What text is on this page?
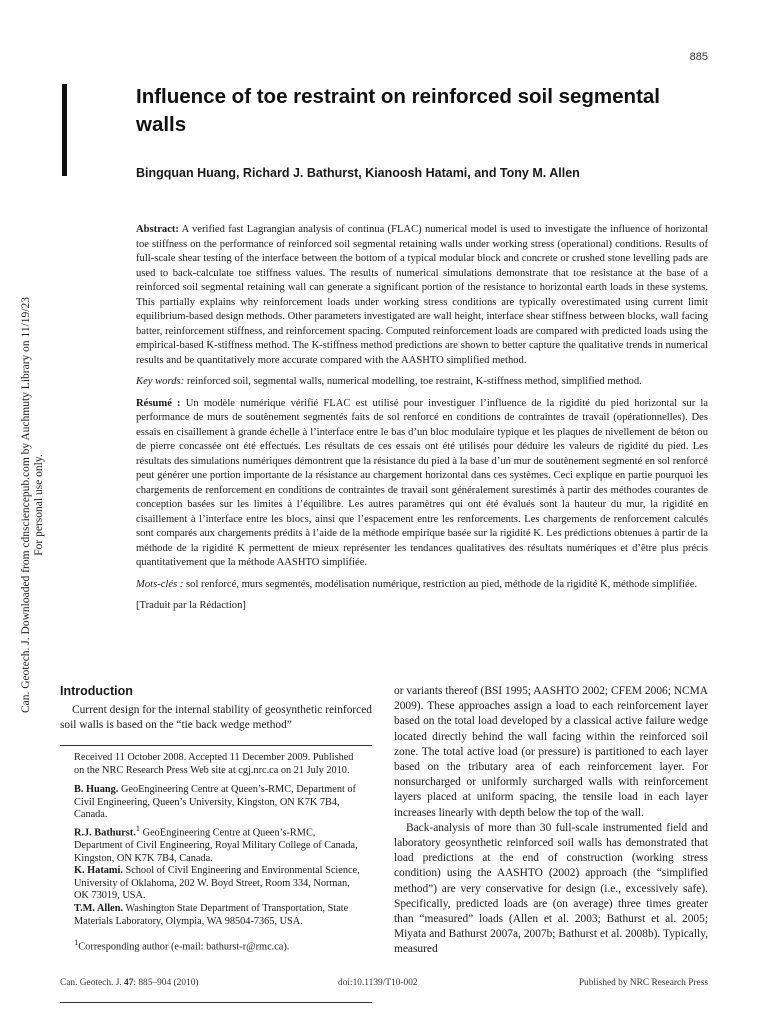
885
Can. Geotech. J. Downloaded from cdnsciencepub.com by Auchmuty Library on 11/19/23 For personal use only.
Influence of toe restraint on reinforced soil segmental walls
Bingquan Huang, Richard J. Bathurst, Kianoosh Hatami, and Tony M. Allen

Abstract: A verified fast Lagrangian analysis of continua (FLAC) numerical model is used to investigate the influence of horizontal toe stiffness on the performance of reinforced soil segmental retaining walls under working stress (operational) conditions. Results of full-scale shear testing of the interface between the bottom of a typical modular block and concrete or crushed stone levelling pads are used to back-calculate toe stiffness values. The results of numerical simulations demonstrate that toe resistance at the base of a reinforced soil segmental retaining wall can generate a significant portion of the resistance to horizontal earth loads in these systems. This partially explains why reinforcement loads under working stress conditions are typically overestimated using current limit equilibrium-based design methods. Other parameters investigated are wall height, interface shear stiffness between blocks, wall facing batter, reinforcement stiffness, and reinforcement spacing. Computed reinforcement loads are compared with predicted loads using the empirical-based K-stiffness method. The K-stiffness method predictions are shown to better capture the qualitative trends in numerical results and be quantitatively more accurate compared with the AASHTO simplified method.

Key words: reinforced soil, segmental walls, numerical modelling, toe restraint, K-stiffness method, simplified method.

Résumé : Un modèle numérique vérifié FLAC est utilisé pour investiguer l’influence de la rigidité du pied horizontal sur la performance de murs de soutènement segmentés faits de sol renforcé en conditions de contraintes de travail (opérationnelles). Des essais en cisaillement à grande échelle à l’interface entre le bas d’un bloc modulaire typique et les plaques de nivellement de béton ou de pierre concassée ont été effectués. Les résultats de ces essais ont été utilisés pour déduire les valeurs de rigidité du pied. Les résultats des simulations numériques démontrent que la résistance du pied à la base d’un mur de soutènement segmenté en sol renforcé peut générer une portion importante de la résistance au chargement horizontal dans ces systèmes. Ceci explique en partie pourquoi les chargements de renforcement en conditions de contraintes de travail sont généralement surestimés à partir des méthodes courantes de conception basées sur les limites à l’équilibre. Les autres paramètres qui ont été évalués sont la hauteur du mur, la rigidité en cisaillement à l’interface entre les blocs, ainsi que l’espacement entre les renforcements. Les chargements de renforcement calculés sont comparés aux chargements prédits à l’aide de la méthode empirique basée sur la rigidité K. Les prédictions obtenues à partir de la méthode de la rigidité K permettent de mieux représenter les tendances qualitatives des résultats numériques et d’être plus précis quantitativement que la méthode AASHTO simplifiée.

Mots-clés : sol renforcé, murs segmentés, modélisation numérique, restriction au pied, méthode de la rigidité K, méthode simplifiée.

[Traduit par la Rédaction]

Introduction

Current design for the internal stability of geosynthetic reinforced soil walls is based on the “tie back wedge method”

Received 11 October 2008. Accepted 11 December 2009. Published on the NRC Research Press Web site at cgj.nrc.ca on 21 July 2010.

B. Huang. GeoEngineering Centre at Queen’s-RMC, Department of Civil Engineering, Queen’s University, Kingston, ON K7K 7B4, Canada.

R.J. Bathurst.$^1$ GeoEngineering Centre at Queen’s-RMC, Department of Civil Engineering, Royal Military College of Canada, Kingston, ON K7K 7B4, Canada.

K. Hatami. School of Civil Engineering and Environmental Science, University of Oklahoma, 202 W. Boyd Street, Room 334, Norman, OK 73019, USA.

T.M. Allen. Washington State Department of Transportation, State Materials Laboratory, Olympia, WA 98504-7365, USA.

$^1$Corresponding author (e-mail: bathurst-r@rmc.ca).

or variants thereof (BSI 1995; AASHTO 2002; CFEM 2006; NCMA 2009). These approaches assign a load to each reinforcement layer based on the total load developed by a classical active failure wedge located directly behind the wall facing within the reinforced soil zone. The total active load (or pressure) is partitioned to each layer based on the tributary area of each reinforcement layer. For nonsurcharged or uniformly surcharged walls with reinforcement layers placed at uniform spacing, the tensile load in each layer increases linearly with depth below the top of the wall.

Back-analysis of more than 30 full-scale instrumented field and laboratory geosynthetic reinforced soil walls has demonstrated that load predictions at the end of construction (working stress condition) using the AASHTO (2002) approach (the “simplified method”) are very conservative for design (i.e., excessively safe). Specifically, predicted loads are (on average) three times greater than “measured” loads (Allen et al. 2003; Bathurst et al. 2005; Miyata and Bathurst 2007a, 2007b; Bathurst et al. 2008b). Typically, measured

Can. Geotech. J. 47: 885–904 (2010)	doi:10.1139/T10-002	Published by NRC Research Press
